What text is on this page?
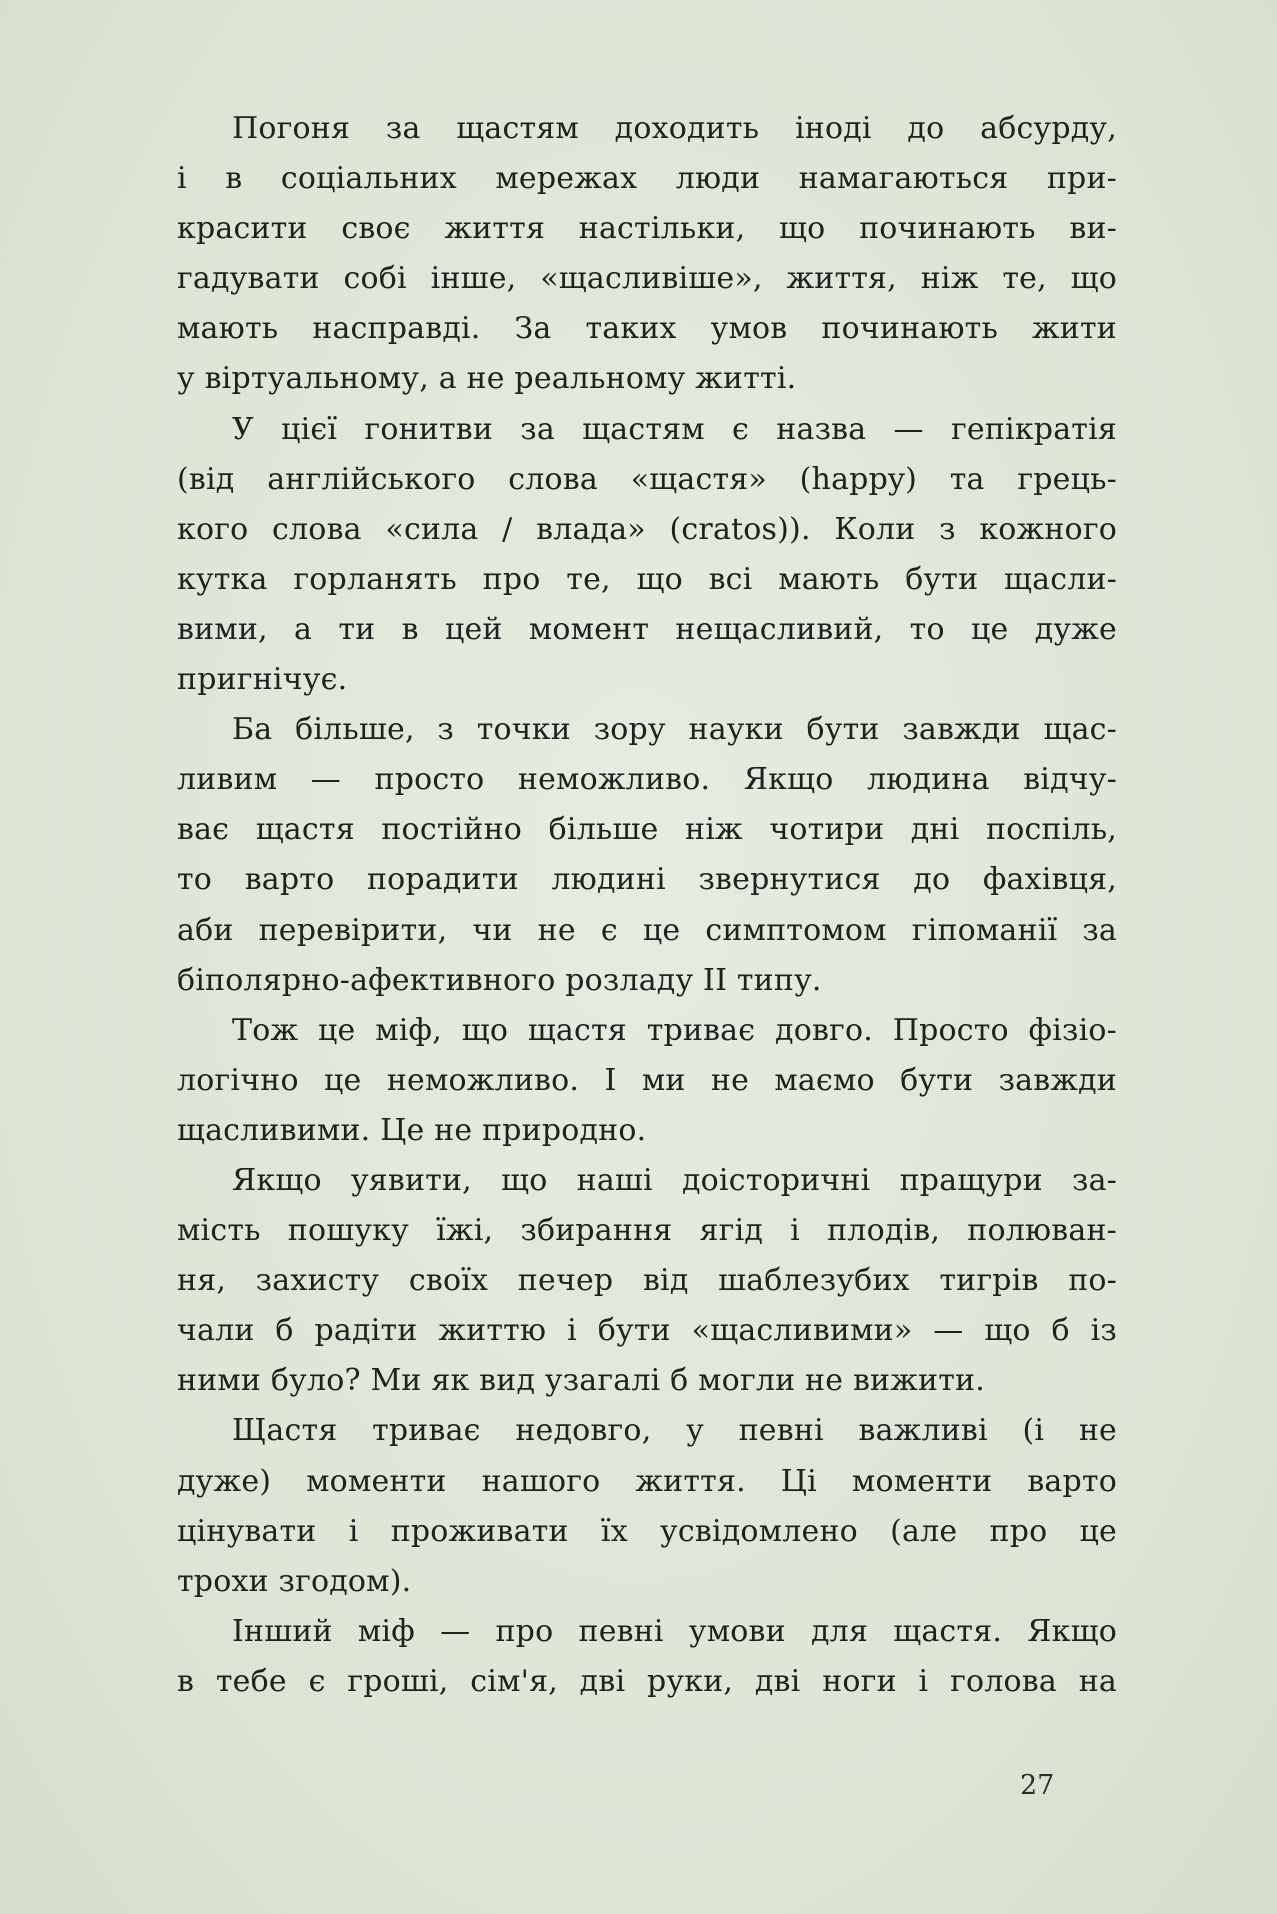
Погоня за щастям доходить іноді до абсурду,
і в соціальних мережах люди намагаються при-
красити своє життя настільки, що починають ви-
гадувати собі інше, «щасливіше», життя, ніж те, що
мають насправді. За таких умов починають жити
у віртуальному, а не реальному житті.
У цієї гонитви за щастям є назва — гепікратія
(від англійського слова «щастя» (happy) та грець-
кого слова «сила / влада» (cratos)). Коли з кожного
кутка горланять про те, що всі мають бути щасли-
вими, а ти в цей момент нещасливий, то це дуже
пригнічує.
Ба більше, з точки зору науки бути завжди щас-
ливим — просто неможливо. Якщо людина відчу-
ває щастя постійно більше ніж чотири дні поспіль,
то варто порадити людині звернутися до фахівця,
аби перевірити, чи не є це симптомом гіпоманії за
біполярно-афективного розладу II типу.
Тож це міф, що щастя триває довго. Просто фізіо-
логічно це неможливо. І ми не маємо бути завжди
щасливими. Це не природно.
Якщо уявити, що наші доісторичні пращури за-
мість пошуку їжі, збирання ягід і плодів, полюван-
ня, захисту своїх печер від шаблезубих тигрів по-
чали б радіти життю і бути «щасливими» — що б із
ними було? Ми як вид узагалі б могли не вижити.
Щастя триває недовго, у певні важливі (і не
дуже) моменти нашого життя. Ці моменти варто
цінувати і проживати їх усвідомлено (але про це
трохи згодом).
Інший міф — про певні умови для щастя. Якщо
в тебе є гроші, сім'я, дві руки, дві ноги і голова на
27
